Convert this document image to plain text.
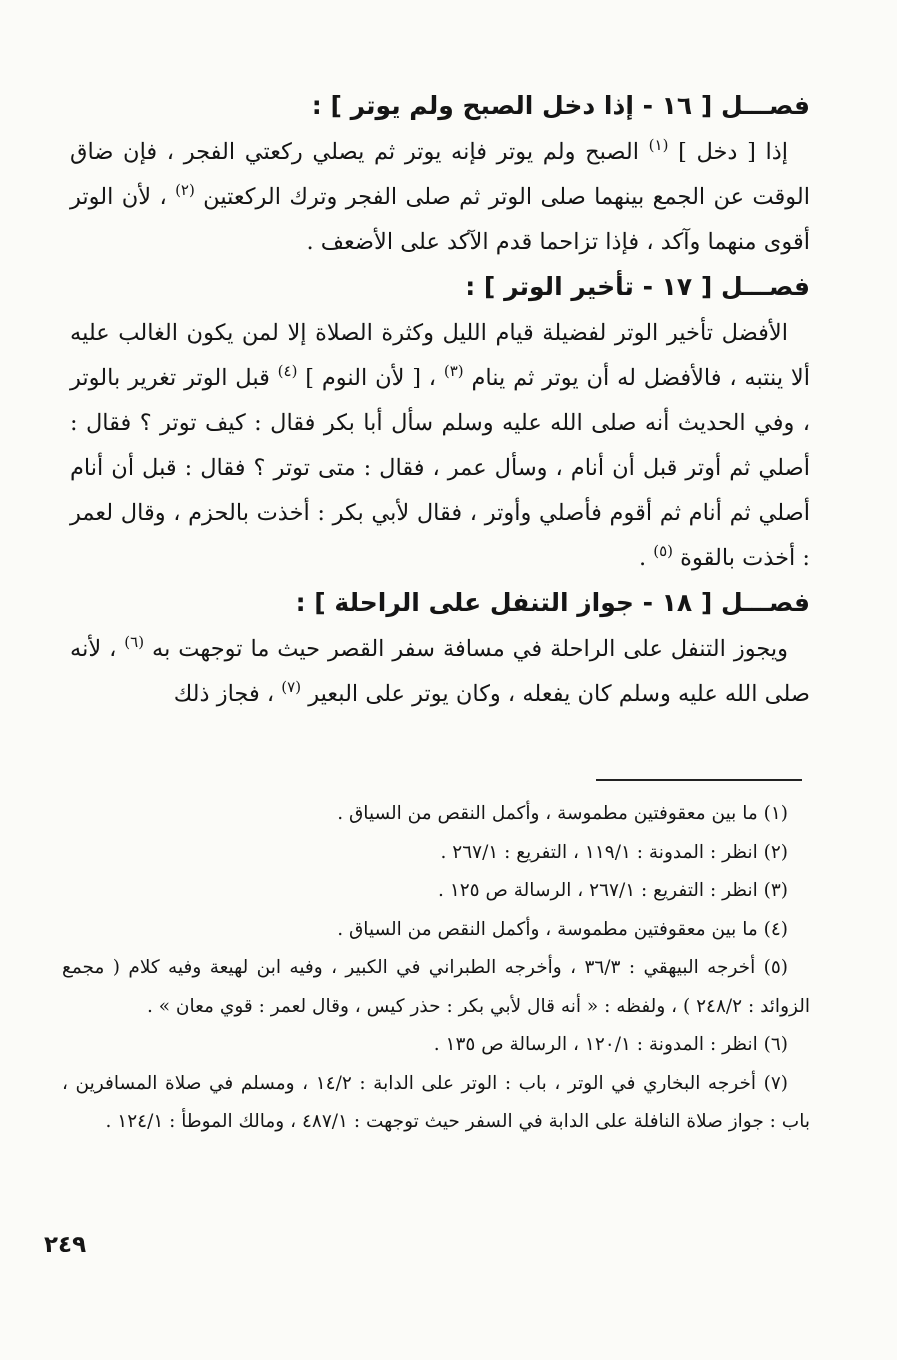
فصـــل [ ١٦ - إذا دخل الصبح ولم يوتر ] :

إذا [ دخل ] $^{(١)}$ الصبح ولم يوتر فإنه يوتر ثم يصلي ركعتي الفجر ، فإن ضاق الوقت عن الجمع بينهما صلى الوتر ثم صلى الفجر وترك الركعتين $^{(٢)}$ ، لأن الوتر أقوى منهما وآكد ، فإذا تزاحما قدم الآكد على الأضعف .

فصـــل [ ١٧ - تأخير الوتر ] :

الأفضل تأخير الوتر لفضيلة قيام الليل وكثرة الصلاة إلا لمن يكون الغالب عليه ألا ينتبه ، فالأفضل له أن يوتر ثم ينام $^{(٣)}$ ، [ لأن النوم ] $^{(٤)}$ قبل الوتر تغرير بالوتر ، وفي الحديث أنه صلى الله عليه وسلم سأل أبا بكر فقال : كيف توتر ؟ فقال : أصلي ثم أوتر قبل أن أنام ، وسأل عمر ، فقال : متى توتر ؟ فقال : قبل أن أنام أصلي ثم أنام ثم أقوم فأصلي وأوتر ، فقال لأبي بكر : أخذت بالحزم ، وقال لعمر : أخذت بالقوة $^{(٥)}$ .

فصـــل [ ١٨ - جواز التنفل على الراحلة ] :

ويجوز التنفل على الراحلة في مسافة سفر القصر حيث ما توجهت به $^{(٦)}$ ، لأنه صلى الله عليه وسلم كان يفعله ، وكان يوتر على البعير $^{(٧)}$ ، فجاز ذلك

(١) ما بين معقوفتين مطموسة ، وأكمل النقص من السياق .

(٢) انظر : المدونة : ١١٩/١ ، التفريع : ٢٦٧/١ .

(٣) انظر : التفريع : ٢٦٧/١ ، الرسالة ص ١٢٥ .

(٤) ما بين معقوفتين مطموسة ، وأكمل النقص من السياق .

(٥) أخرجه البيهقي : ٣٦/٣ ، وأخرجه الطبراني في الكبير ، وفيه ابن لهيعة وفيه كلام ( مجمع الزوائد : ٢٤٨/٢ ) ، ولفظه : « أنه قال لأبي بكر : حذر كيس ، وقال لعمر : قوي معان » .

(٦) انظر : المدونة : ١٢٠/١ ، الرسالة ص ١٣٥ .

(٧) أخرجه البخاري في الوتر ، باب : الوتر على الدابة : ١٤/٢ ، ومسلم في صلاة المسافرين ، باب : جواز صلاة النافلة على الدابة في السفر حيث توجهت : ٤٨٧/١ ، ومالك الموطأ : ١٢٤/١ .

٢٤٩
